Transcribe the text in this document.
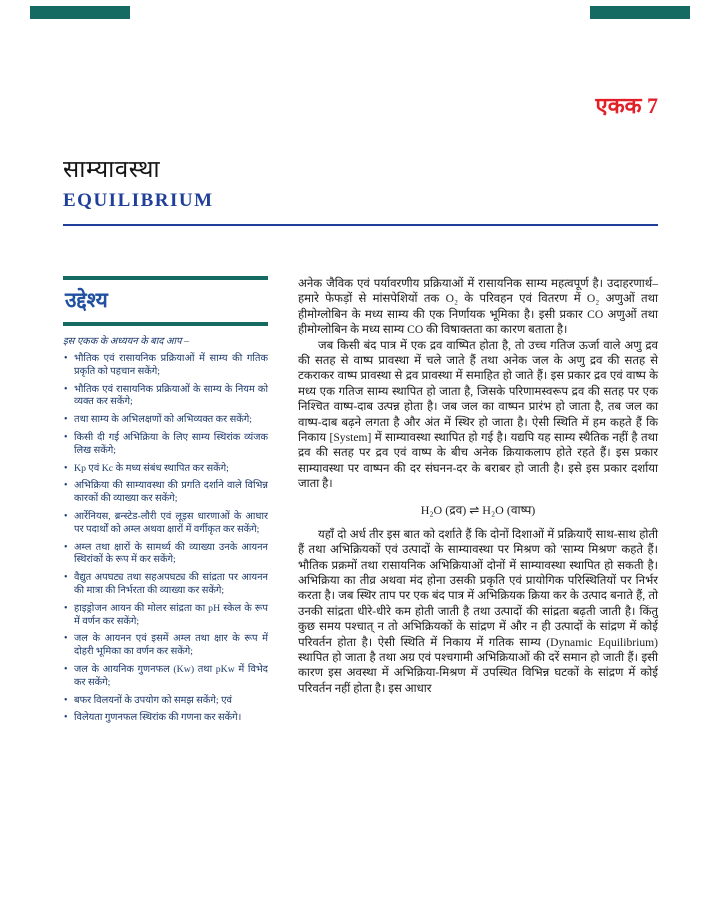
एकक 7
साम्यावस्था
EQUILIBRIUM
उद्देश्य

इस एकक के अध्ययन के बाद आप –

• भौतिक एवं रासायनिक प्रक्रियाओं में साम्य की गतिक प्रकृति को पहचान सकेंगे;
• भौतिक एवं रासायनिक प्रक्रियाओं के साम्य के नियम को व्यक्त कर सकेंगे;
• तथा साम्य के अभिलक्षणों को अभिव्यक्त कर सकेंगे;
• किसी दी गई अभिक्रिया के लिए साम्य स्थिरांक व्यंजक लिख सकेंगे;
• Kp एवं Kc के मध्य संबंध स्थापित कर सकेंगे;
• अभिक्रिया की साम्यावस्था की प्रगति दर्शाने वाले विभिन्न कारकों की व्याख्या कर सकेंगे;
• आर्रेनियस, ब्रन्स्टेड-लौरी एवं लूइस धारणाओं के आधार पर पदार्थों को अम्ल अथवा क्षारों में वर्गीकृत कर सकेंगे;
• अम्ल तथा क्षारों के सामर्थ्य की व्याख्या उनके आयनन स्थिरांकों के रूप में कर सकेंगे;
• वैद्युत अपघट्य तथा सहअपघट्य की सांद्रता पर आयनन की मात्रा की निर्भरता की व्याख्या कर सकेंगे;
• हाइड्रोजन आयन की मोलर सांद्रता का pH स्केल के रूप में वर्णन कर सकेंगे;
• जल के आयनन एवं इसमें अम्ल तथा क्षार के रूप में दोहरी भूमिका का वर्णन कर सकेंगे;
• जल के आयनिक गुणनफल (Kw) तथा pKw में विभेद कर सकेंगे;
• बफर विलयनों के उपयोग को समझ सकेंगे; एवं
• विलेयता गुणनफल स्थिरांक की गणना कर सकेंगे।

अनेक जैविक एवं पर्यावरणीय प्रक्रियाओं में रासायनिक साम्य महत्वपूर्ण है। उदाहरणार्थ– हमारे फेफड़ों से मांसपेशियों तक O₂ के परिवहन एवं वितरण में O₂ अणुओं तथा हीमोग्लोबिन के मध्य साम्य की एक निर्णायक भूमिका है। इसी प्रकार CO अणुओं तथा हीमोग्लोबिन के मध्य साम्य CO की विषाक्तता का कारण बताता है।

जब किसी बंद पात्र में एक द्रव वाष्पित होता है, तो उच्च गतिज ऊर्जा वाले अणु द्रव की सतह से वाष्प प्रावस्था में चले जाते हैं तथा अनेक जल के अणु द्रव की सतह से टकराकर वाष्प प्रावस्था से द्रव प्रावस्था में समाहित हो जाते हैं। इस प्रकार द्रव एवं वाष्प के मध्य एक गतिज साम्य स्थापित हो जाता है, जिसके परिणामस्वरूप द्रव की सतह पर एक निश्चित वाष्प-दाब उत्पन्न होता है। जब जल का वाष्पन प्रारंभ हो जाता है, तब जल का वाष्प-दाब बढ़ने लगता है और अंत में स्थिर हो जाता है। ऐसी स्थिति में हम कहते हैं कि निकाय [System] में साम्यावस्था स्थापित हो गई है। यद्यपि यह साम्य स्थैतिक नहीं है तथा द्रव की सतह पर द्रव एवं वाष्प के बीच अनेक क्रियाकलाप होते रहते हैं। इस प्रकार साम्यावस्था पर वाष्पन की दर संघनन-दर के बराबर हो जाती है। इसे इस प्रकार दर्शाया जाता है।

H₂O (द्रव) ⇌ H₂O (वाष्प)

यहाँ दो अर्ध तीर इस बात को दर्शाते हैं कि दोनों दिशाओं में प्रक्रियाएँ साथ-साथ होती हैं तथा अभिक्रियकों एवं उत्पादों के साम्यावस्था पर मिश्रण को 'साम्य मिश्रण' कहते हैं। भौतिक प्रक्रमों तथा रासायनिक अभिक्रियाओं दोनों में साम्यावस्था स्थापित हो सकती है। अभिक्रिया का तीव्र अथवा मंद होना उसकी प्रकृति एवं प्रायोगिक परिस्थितियों पर निर्भर करता है। जब स्थिर ताप पर एक बंद पात्र में अभिक्रियक क्रिया कर के उत्पाद बनाते हैं, तो उनकी सांद्रता धीरे-धीरे कम होती जाती है तथा उत्पादों की सांद्रता बढ़ती जाती है। किंतु कुछ समय पश्चात् न तो अभिक्रियकों के सांद्रण में और न ही उत्पादों के सांद्रण में कोई परिवर्तन होता है। ऐसी स्थिति में निकाय में गतिक साम्य (Dynamic Equilibrium) स्थापित हो जाता है तथा अग्र एवं पश्चगामी अभिक्रियाओं की दरें समान हो जाती हैं। इसी कारण इस अवस्था में अभिक्रिया-मिश्रण में उपस्थित विभिन्न घटकों के सांद्रण में कोई परिवर्तन नहीं होता है। इस आधार
